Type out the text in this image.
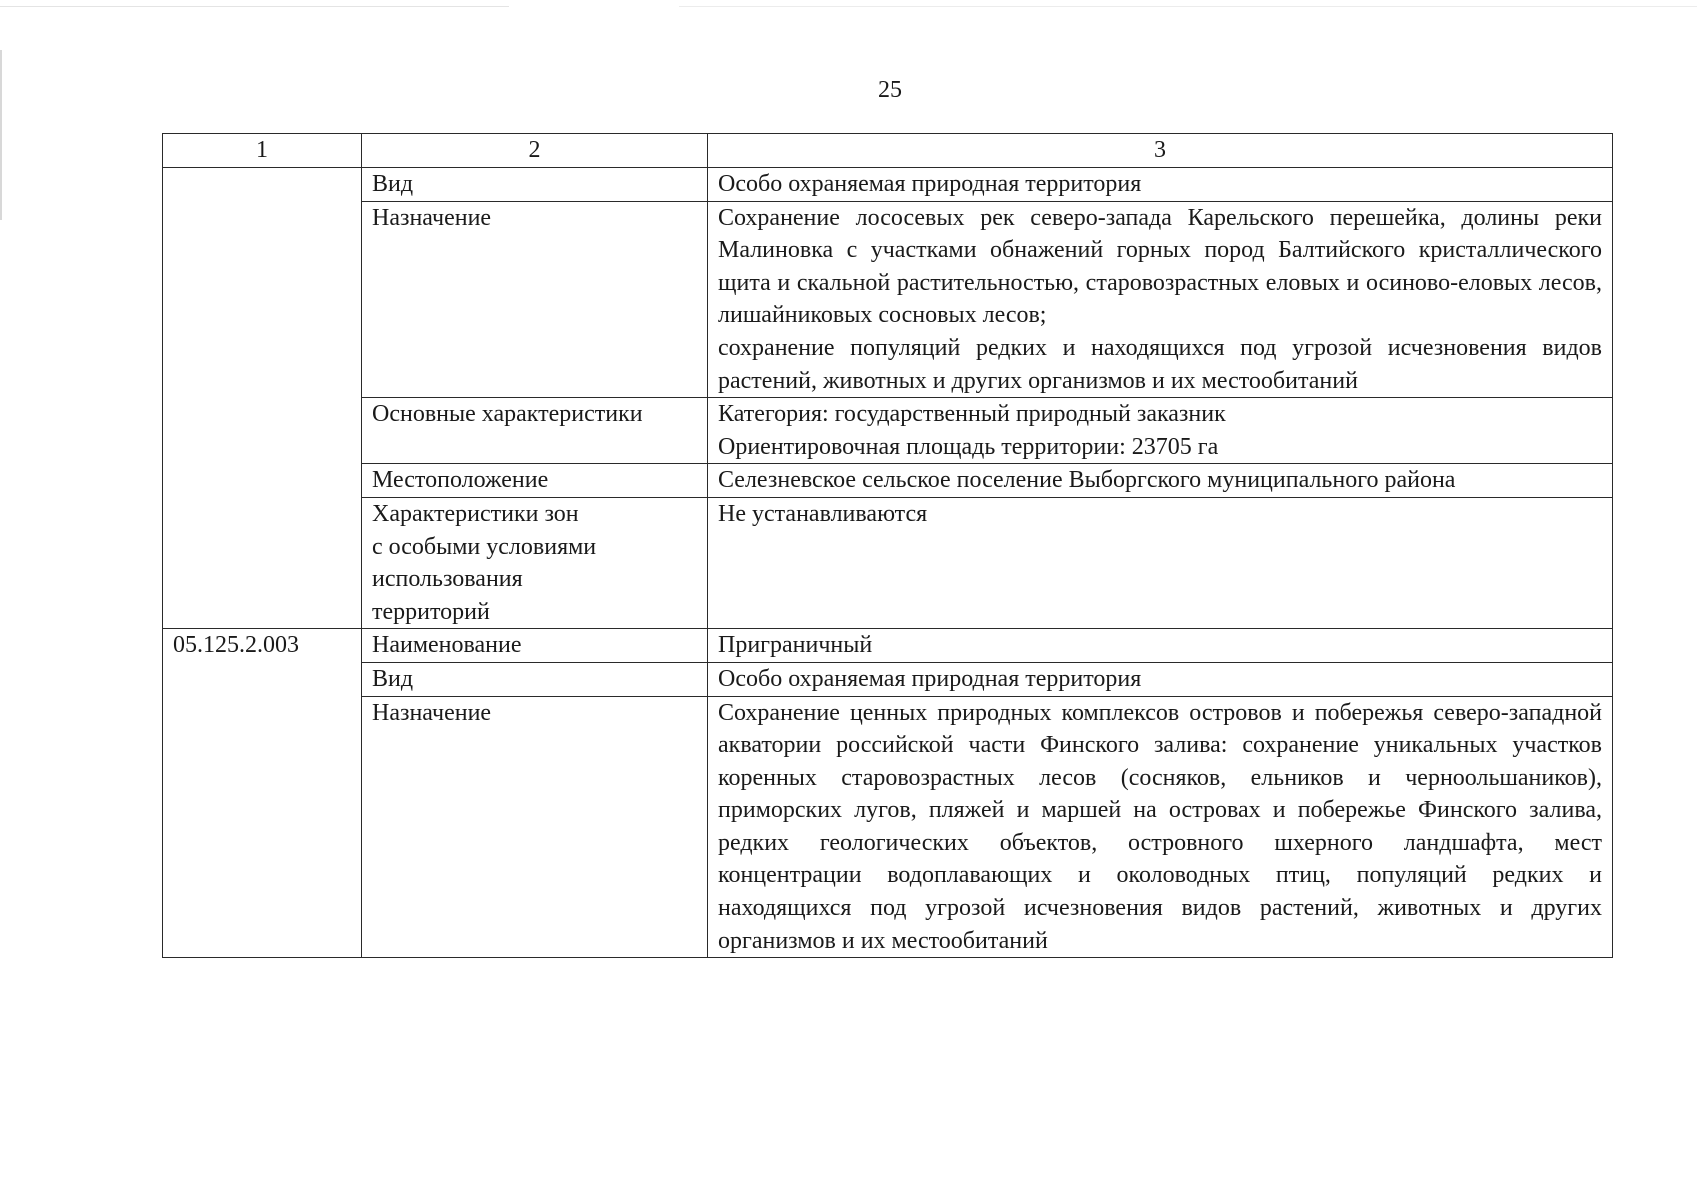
25
1	2	3
	Вид	Особо охраняемая природная территория
	Назначение	Сохранение лососевых рек северо-запада Карельского перешейка, долины реки Малиновка с участками обнажений горных пород Балтийского кристаллического щита и скальной растительностью, старовозрастных еловых и осиново-еловых лесов, лишайниковых сосновых лесов;
сохранение популяций редких и находящихся под угрозой исчезновения видов растений, животных и других организмов и их местообитаний

	Основные характеристики	Категория: государственный природный заказник
Ориентировочная площадь территории: 23705 га

	Местоположение	Селезневское сельское поселение Выборгского муниципального района

	Характеристики зон
с особыми условиями
использования
территорий	Не устанавливаются
05.125.2.003	Наименование	Приграничный
	Вид	Особо охраняемая природная территория
	Назначение	Сохранение ценных природных комплексов островов и побережья северо-западной акватории российской части Финского залива: сохранение уникальных участков коренных старовозрастных лесов (сосняков, ельников и черноольшаников), приморских лугов, пляжей и маршей на островах и побережье Финского залива, редких геологических объектов, островного шхерного ландшафта, мест концентрации водоплавающих и околоводных птиц, популяций редких и находящихся под угрозой исчезновения видов растений, животных и других организмов и их местообитаний
